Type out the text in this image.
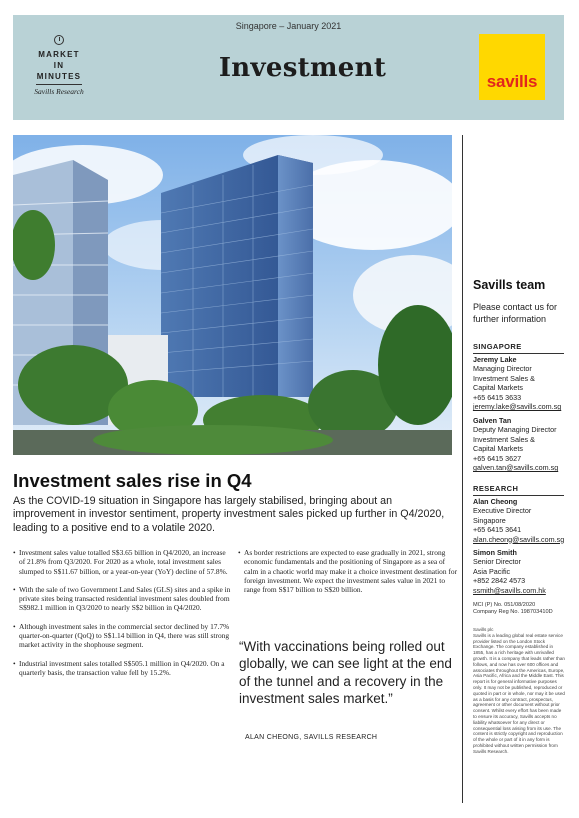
Singapore – January 2021
MARKET
IN
MINUTES
Savills Research
Investment	savills
Savills team
Please contact us for further information
SINGAPORE
Jeremy Lake
Managing Director
Investment Sales &
Capital Markets
+65 6415 3633
jeremy.lake@savills.com.sg
Galven Tan
Deputy Managing Director
Investment Sales &
Capital Markets
+65 6415 3627
galven.tan@savills.com.sg
RESEARCH
Alan Cheong
Executive Director
Singapore
+65 6415 3641
alan.cheong@savills.com.sg
Simon Smith
Senior Director
Asia Pacific
+852 2842 4573
ssmith@savills.com.hk
MCI (P) No. 051/08/2020
Company Reg No. 198703410D
Savills plc
Savills is a leading global real estate service provider listed on the London Stock Exchange. The company established in 1855, has a rich heritage with unrivalled growth. It is a company that leads rather than follows, and now has over 600 offices and associates throughout the Americas, Europe, Asia Pacific, Africa and the Middle East. This report is for general informative purposes only. It may not be published, reproduced or quoted in part or in whole, nor may it be used as a basis for any contract, prospectus, agreement or other document without prior consent. Whilst every effort has been made to ensure its accuracy, Savills accepts no liability whatsoever for any direct or consequential loss arising from its use. The content is strictly copyright and reproduction of the whole or part of it in any form is prohibited without written permission from Savills Research.
Investment sales rise in Q4
As the COVID-19 situation in Singapore has largely stabilised, bringing about an improvement in investor sentiment, property investment sales picked up further in Q4/2020, leading to a positive end to a volatile 2020.
• Investment sales value totalled S$3.65 billion in Q4/2020, an increase of 21.8% from Q3/2020. For 2020 as a whole, total investment sales slumped to S$11.67 billion, or a year-on-year (YoY) decline of 57.8%.
• With the sale of two Government Land Sales (GLS) sites and a spike in private sites being transacted residential investment sales doubled from S$982.1 million in Q3/2020 to nearly S$2 billion in Q4/2020.
• Although investment sales in the commercial sector declined by 17.7% quarter-on-quarter (QoQ) to S$1.14 billion in Q4, there was still strong market activity in the shophouse segment.
• Industrial investment sales totalled S$505.1 million in Q4/2020. On a quarterly basis, the transaction value fell by 15.2%.
• As border restrictions are expected to ease gradually in 2021, strong economic fundamentals and the positioning of Singapore as a sea of calm in a chaotic world may make it a choice investment destination for foreign investment. We expect the investment sales value in 2021 to range from S$17 billion to S$20 billion.
“With vaccinations being rolled out globally, we can see light at the end of the tunnel and a recovery in the investment sales market.”
ALAN CHEONG, SAVILLS RESEARCH
